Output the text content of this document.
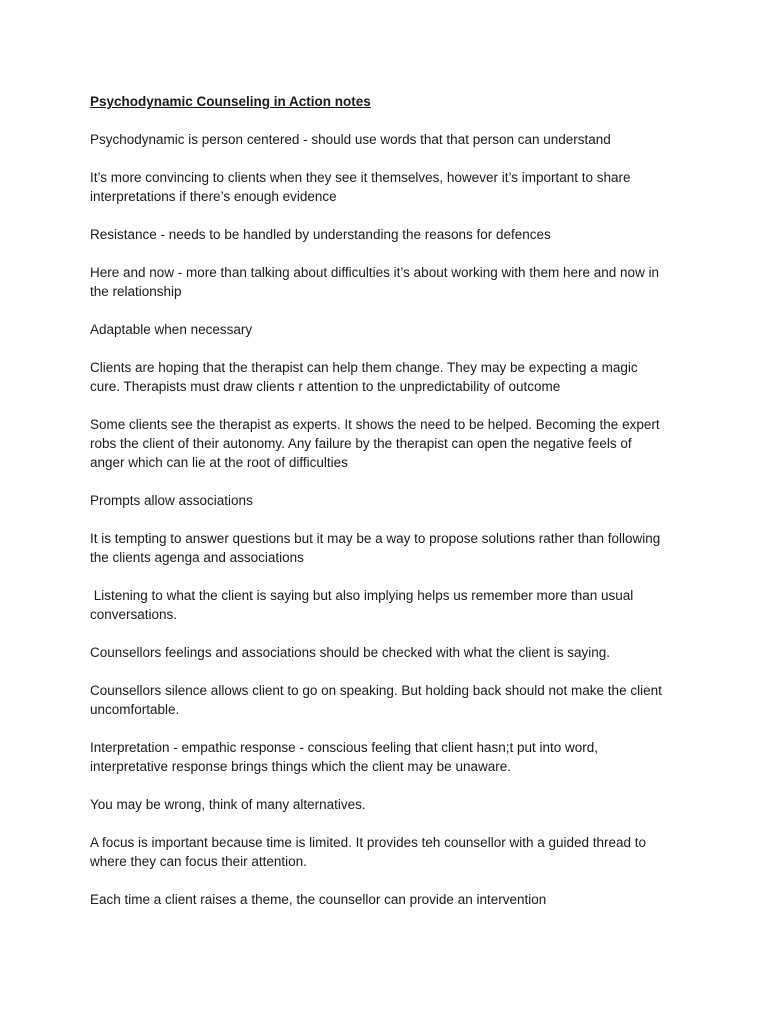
Psychodynamic Counseling in Action notes
Psychodynamic is person centered - should use words that that person can understand
It’s more convincing to clients when they see it themselves, however it’s important to share
interpretations if there’s enough evidence
Resistance - needs to be handled by understanding the reasons for defences
Here and now - more than talking about difficulties it’s about working with them here and now in
the relationship
Adaptable when necessary
Clients are hoping that the therapist can help them change. They may be expecting a magic
cure. Therapists must draw clients r attention to the unpredictability of outcome
Some clients see the therapist as experts. It shows the need to be helped. Becoming the expert
robs the client of their autonomy. Any failure by the therapist can open the negative feels of
anger which can lie at the root of difficulties
Prompts allow associations
It is tempting to answer questions but it may be a way to propose solutions rather than following
the clients agenga and associations
Listening to what the client is saying but also implying helps us remember more than usual
conversations.
Counsellors feelings and associations should be checked with what the client is saying.
Counsellors silence allows client to go on speaking. But holding back should not make the client
uncomfortable.
Interpretation - empathic response - conscious feeling that client hasn;t put into word,
interpretative response brings things which the client may be unaware.
You may be wrong, think of many alternatives.
A focus is important because time is limited. It provides teh counsellor with a guided thread to
where they can focus their attention.
Each time a client raises a theme, the counsellor can provide an intervention
